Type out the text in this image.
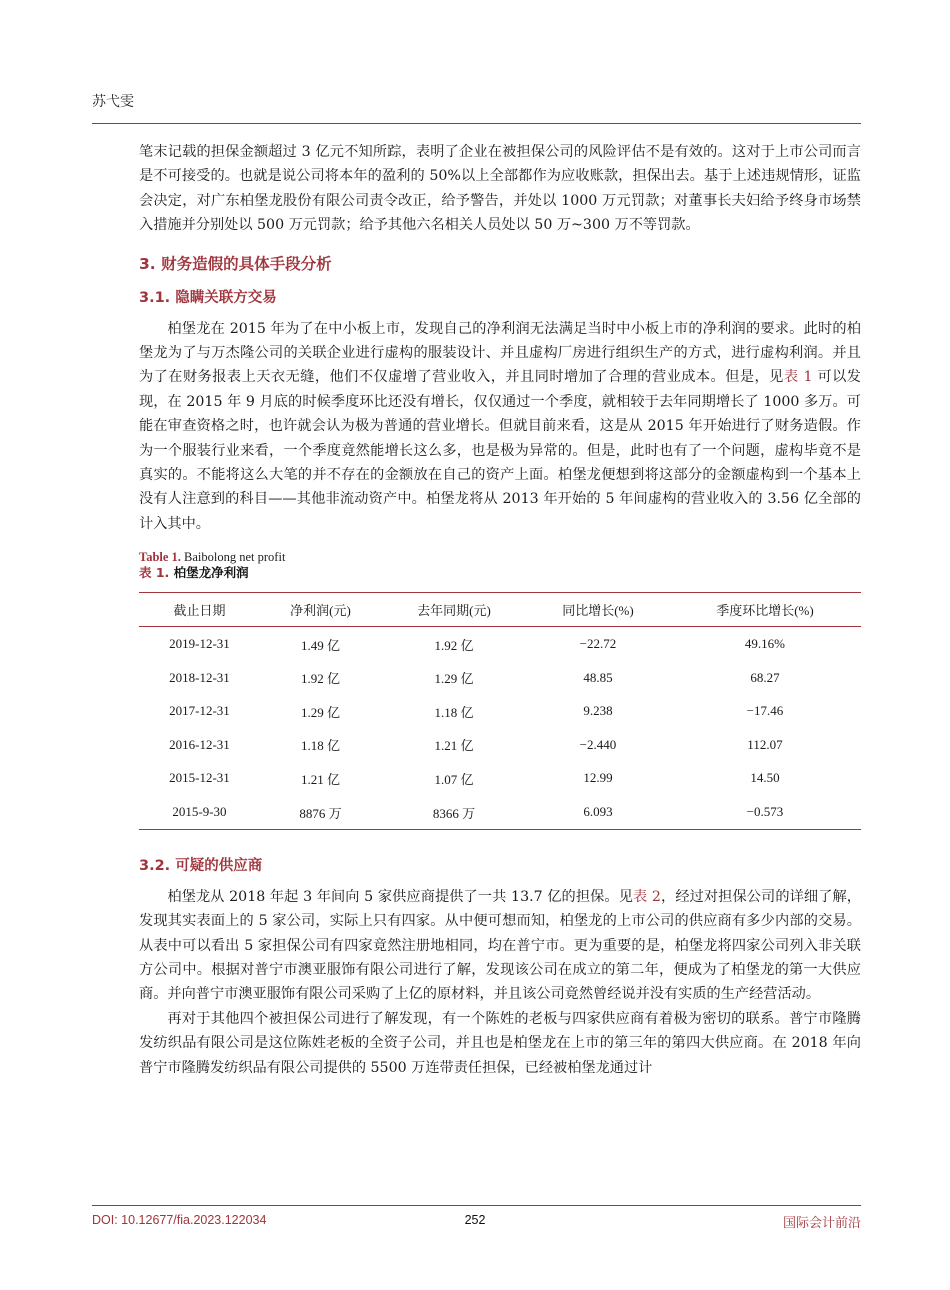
苏弋雯

笔末记载的担保金额超过 3 亿元不知所踪，表明了企业在被担保公司的风险评估不是有效的。这对于上市公司而言是不可接受的。也就是说公司将本年的盈利的 50%以上全部都作为应收账款，担保出去。基于上述违规情形，证监会决定，对广东柏堡龙股份有限公司责令改正，给予警告，并处以 1000 万元罚款；对董事长夫妇给予终身市场禁入措施并分别处以 500 万元罚款；给予其他六名相关人员处以 50 万~300 万不等罚款。

3. 财务造假的具体手段分析
3.1. 隐瞒关联方交易

柏堡龙在 2015 年为了在中小板上市，发现自己的净利润无法满足当时中小板上市的净利润的要求。此时的柏堡龙为了与万杰隆公司的关联企业进行虚构的服装设计、并且虚构厂房进行组织生产的方式，进行虚构利润。并且为了在财务报表上天衣无缝，他们不仅虚增了营业收入，并且同时增加了合理的营业成本。但是，见表 1 可以发现，在 2015 年 9 月底的时候季度环比还没有增长，仅仅通过一个季度，就相较于去年同期增长了 1000 多万。可能在审查资格之时，也许就会认为极为普通的营业增长。但就目前来看，这是从 2015 年开始进行了财务造假。作为一个服装行业来看，一个季度竟然能增长这么多，也是极为异常的。但是，此时也有了一个问题，虚构毕竟不是真实的。不能将这么大笔的并不存在的金额放在自己的资产上面。柏堡龙便想到将这部分的金额虚构到一个基本上没有人注意到的科目——其他非流动资产中。柏堡龙将从 2013 年开始的 5 年间虚构的营业收入的 3.56 亿全部的计入其中。

Table 1. Baibolong net profit
表 1. 柏堡龙净利润
截止日期	净利润(元)	去年同期(元)	同比增长(%)	季度环比增长(%)
2019-12-31	1.49 亿	1.92 亿	−22.72	49.16%
2018-12-31	1.92 亿	1.29 亿	48.85	68.27
2017-12-31	1.29 亿	1.18 亿	9.238	−17.46
2016-12-31	1.18 亿	1.21 亿	−2.440	112.07
2015-12-31	1.21 亿	1.07 亿	12.99	14.50
2015-9-30	8876 万	8366 万	6.093	−0.573
3.2. 可疑的供应商

柏堡龙从 2018 年起 3 年间向 5 家供应商提供了一共 13.7 亿的担保。见表 2，经过对担保公司的详细了解，发现其实表面上的 5 家公司，实际上只有四家。从中便可想而知，柏堡龙的上市公司的供应商有多少内部的交易。从表中可以看出 5 家担保公司有四家竟然注册地相同，均在普宁市。更为重要的是，柏堡龙将四家公司列入非关联方公司中。根据对普宁市澳亚服饰有限公司进行了解，发现该公司在成立的第二年，便成为了柏堡龙的第一大供应商。并向普宁市澳亚服饰有限公司采购了上亿的原材料，并且该公司竟然曾经说并没有实质的生产经营活动。

再对于其他四个被担保公司进行了解发现，有一个陈姓的老板与四家供应商有着极为密切的联系。普宁市隆腾发纺织品有限公司是这位陈姓老板的全资子公司，并且也是柏堡龙在上市的第三年的第四大供应商。在 2018 年向普宁市隆腾发纺织品有限公司提供的 5500 万连带责任担保，已经被柏堡龙通过计

DOI: 10.12677/fia.2023.122034	252	国际会计前沿
